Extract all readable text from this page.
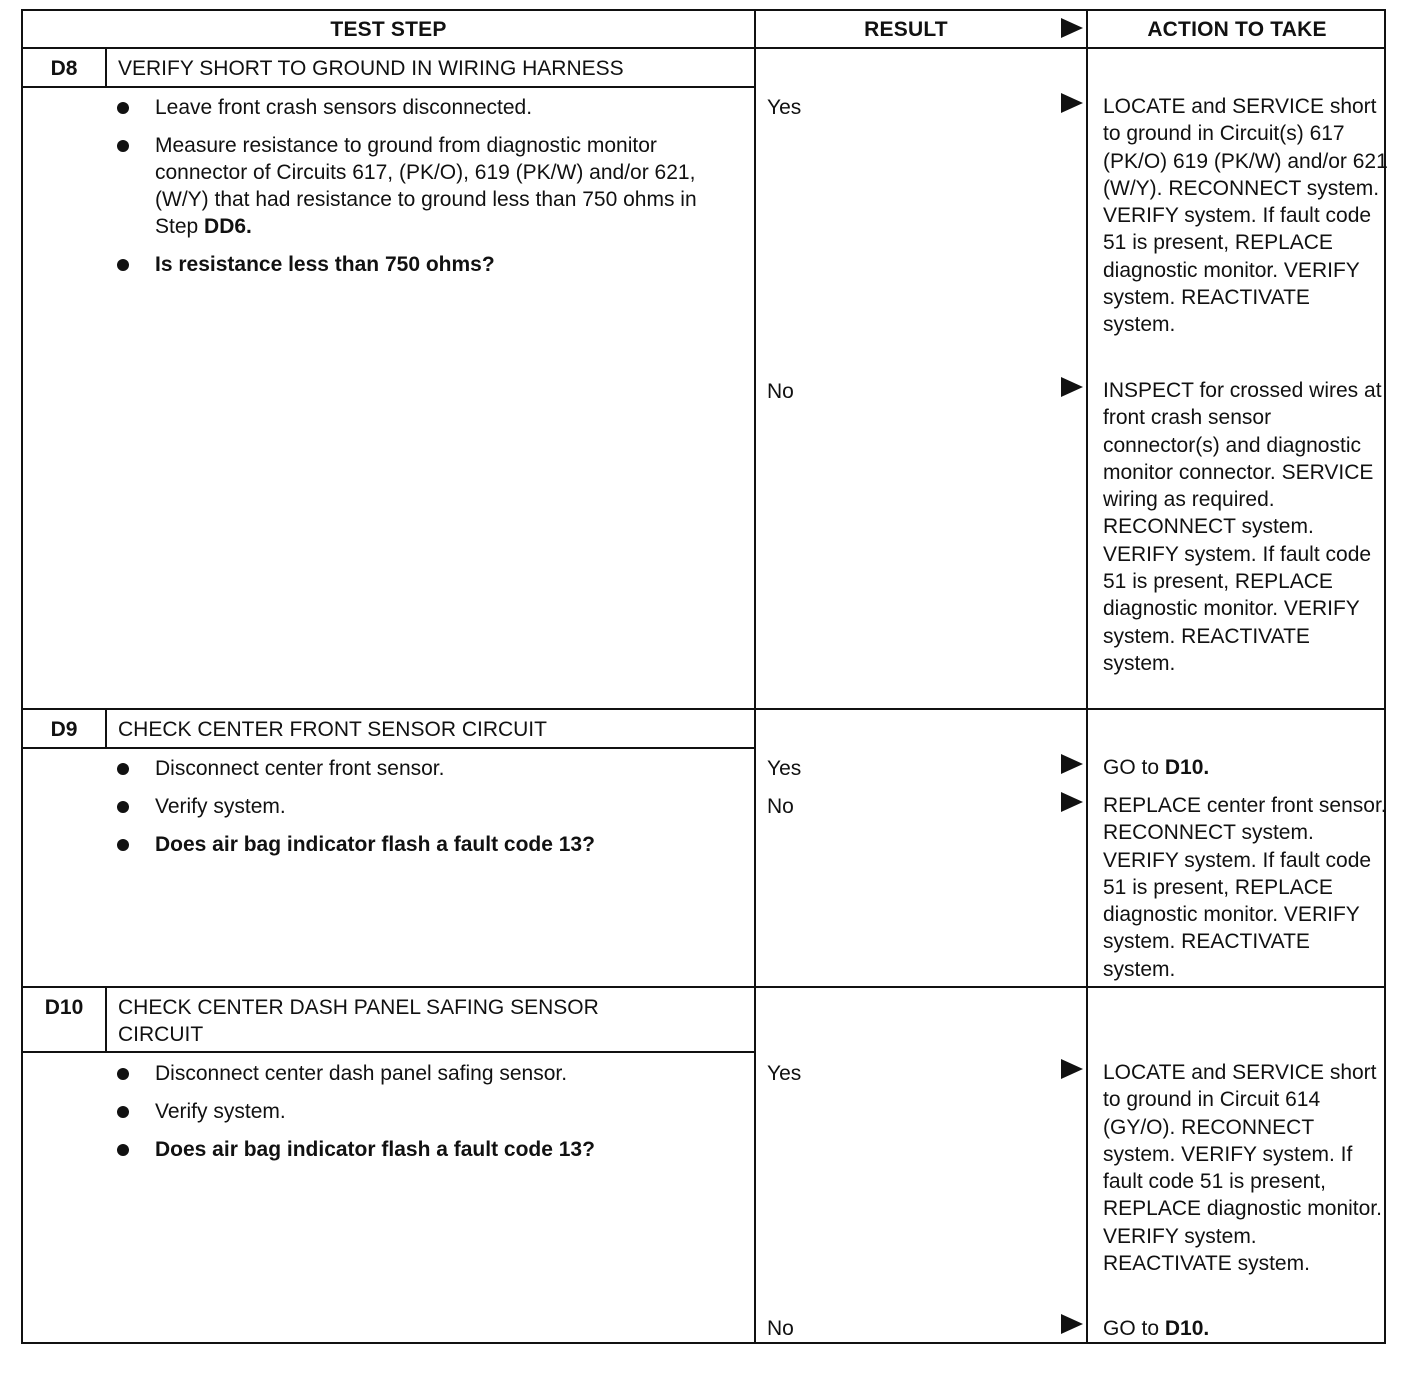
TEST STEP	RESULT	ACTION TO TAKE
D8	VERIFY SHORT TO GROUND IN WIRING HARNESS
Leave front crash sensors disconnected.
Measure resistance to ground from diagnostic monitor connector of Circuits 617, (PK/O), 619 (PK/W) and/or 621, (W/Y) that had resistance to ground less than 750 ohms in Step DD6.
Is resistance less than 750 ohms?
Yes	LOCATE and SERVICE short to ground in Circuit(s) 617 (PK/O) 619 (PK/W) and/or 621 (W/Y). RECONNECT system. VERIFY system. If fault code 51 is present, REPLACE diagnostic monitor. VERIFY system. REACTIVATE system.
No	INSPECT for crossed wires at front crash sensor connector(s) and diagnostic monitor connector. SERVICE wiring as required. RECONNECT system. VERIFY system. If fault code 51 is present, REPLACE diagnostic monitor. VERIFY system. REACTIVATE system.
D9	CHECK CENTER FRONT SENSOR CIRCUIT
Disconnect center front sensor.
Verify system.
Does air bag indicator flash a fault code 13?
Yes	GO to D10.
No	REPLACE center front sensor. RECONNECT system. VERIFY system. If fault code 51 is present, REPLACE diagnostic monitor. VERIFY system. REACTIVATE system.
D10	CHECK CENTER DASH PANEL SAFING SENSOR CIRCUIT
Disconnect center dash panel safing sensor.
Verify system.
Does air bag indicator flash a fault code 13?
Yes	LOCATE and SERVICE short to ground in Circuit 614 (GY/O). RECONNECT system. VERIFY system. If fault code 51 is present, REPLACE diagnostic monitor. VERIFY system. REACTIVATE system.
No	GO to D10.
